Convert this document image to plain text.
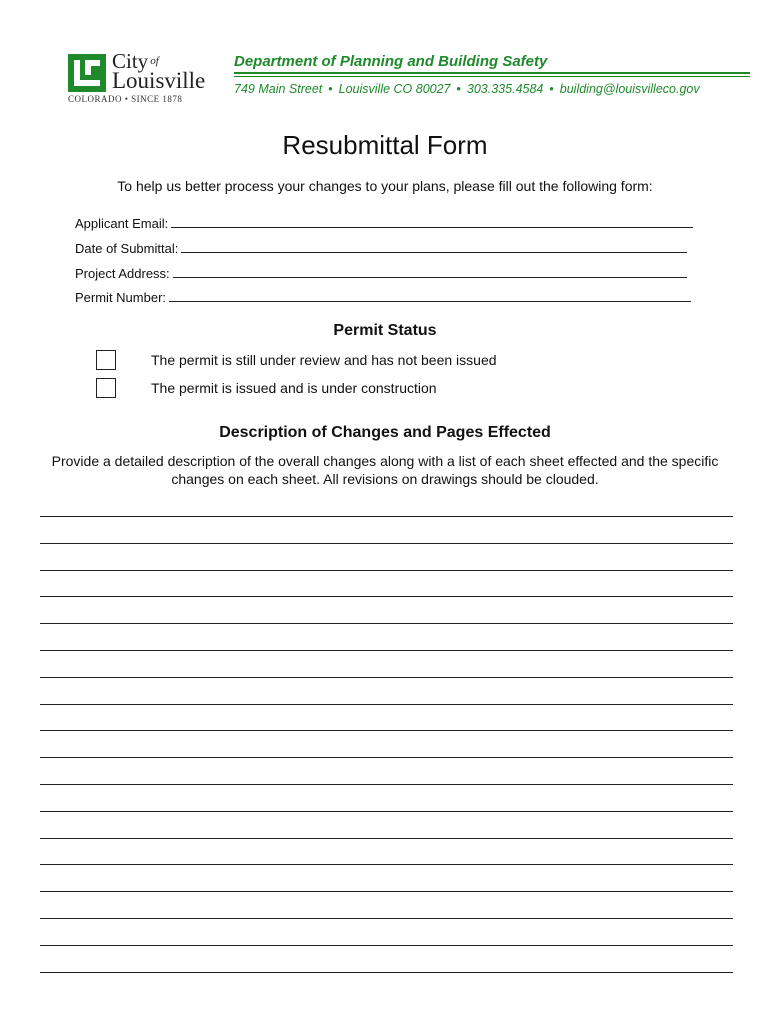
City $^{of}$
Louisville
COLORADO • SINCE 1878
Department of Planning and Building Safety
749 Main Street • Louisville CO 80027 • 303.335.4584 • building@louisvilleco.gov
Resubmittal Form
To help us better process your changes to your plans, please fill out the following form:
Applicant Email:
Date of Submittal:
Project Address:
Permit Number:
Permit Status
The permit is still under review and has not been issued
The permit is issued and is under construction
Description of Changes and Pages Effected
Provide a detailed description of the overall changes along with a list of each sheet effected and the specific changes on each sheet. All revisions on drawings should be clouded.
